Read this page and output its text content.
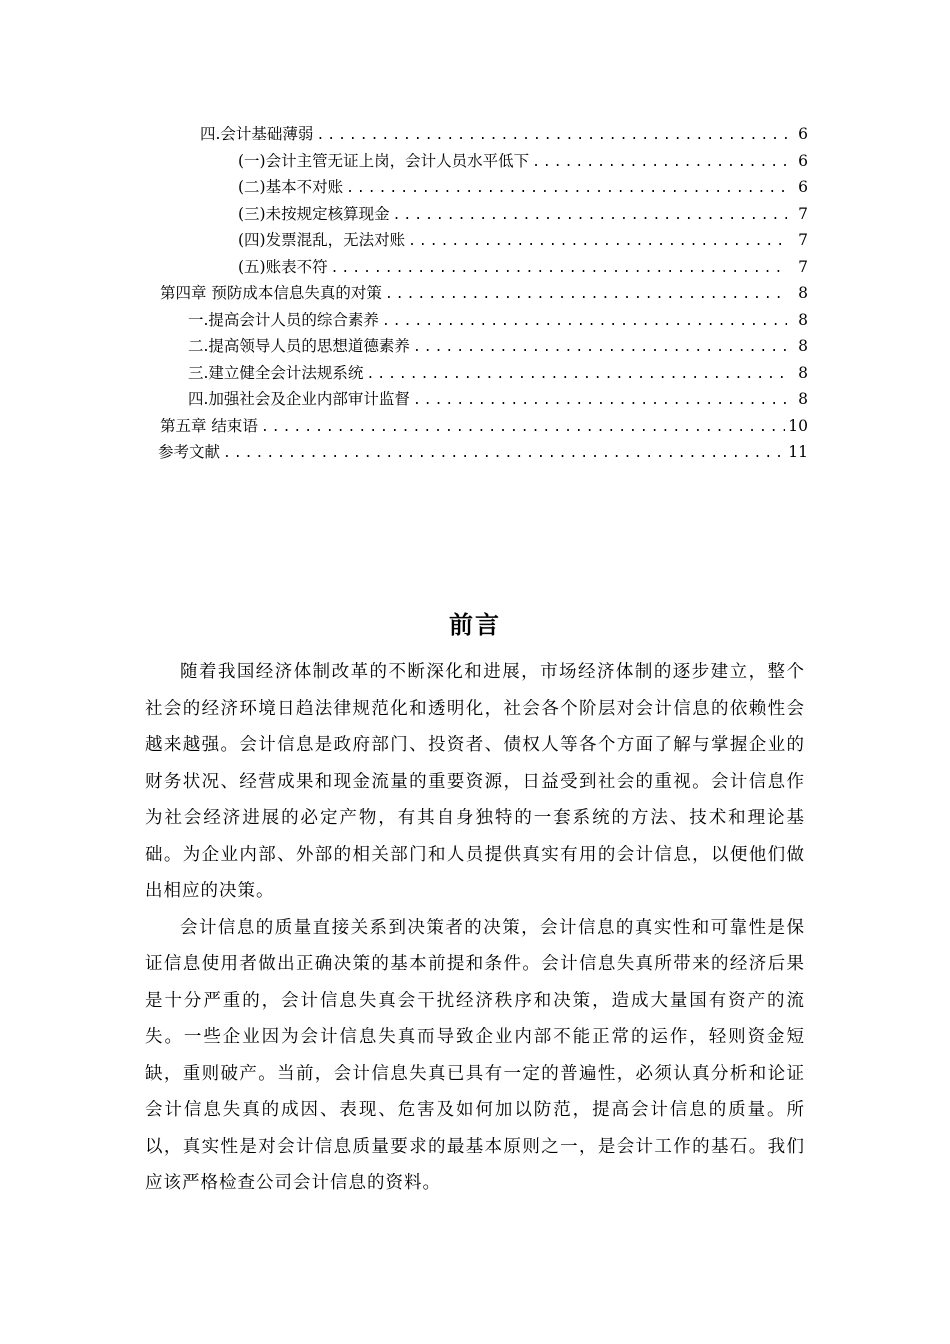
四.会计基础薄弱 .....	6
(一)会计主管无证上岗，会计人员水平低下 .....	6
(二)基本不对账 .....	6
(三)未按规定核算现金 .....	7
(四)发票混乱，无法对账 .....	7
(五)账表不符 .....	7
第四章 预防成本信息失真的对策 .....	8
一.提高会计人员的综合素养 .....	8
二.提高领导人员的思想道德素养 .....	8
三.建立健全会计法规系统 .....	8
四.加强社会及企业内部审计监督 .....	8
第五章 结束语 .....	10
参考文献 .....	11
前言

随着我国经济体制改革的不断深化和进展，市场经济体制的逐步建立，整个社会的经济环境日趋法律规范化和透明化，社会各个阶层对会计信息的依赖性会越来越强。会计信息是政府部门、投资者、债权人等各个方面了解与掌握企业的财务状况、经营成果和现金流量的重要资源，日益受到社会的重视。会计信息作为社会经济进展的必定产物，有其自身独特的一套系统的方法、技术和理论基础。为企业内部、外部的相关部门和人员提供真实有用的会计信息，以便他们做出相应的决策。

会计信息的质量直接关系到决策者的决策，会计信息的真实性和可靠性是保证信息使用者做出正确决策的基本前提和条件。会计信息失真所带来的经济后果是十分严重的，会计信息失真会干扰经济秩序和决策，造成大量国有资产的流失。一些企业因为会计信息失真而导致企业内部不能正常的运作，轻则资金短缺，重则破产。当前，会计信息失真已具有一定的普遍性，必须认真分析和论证会计信息失真的成因、表现、危害及如何加以防范，提高会计信息的质量。所以，真实性是对会计信息质量要求的最基本原则之一，是会计工作的基石。我们应该严格检查公司会计信息的资料。
